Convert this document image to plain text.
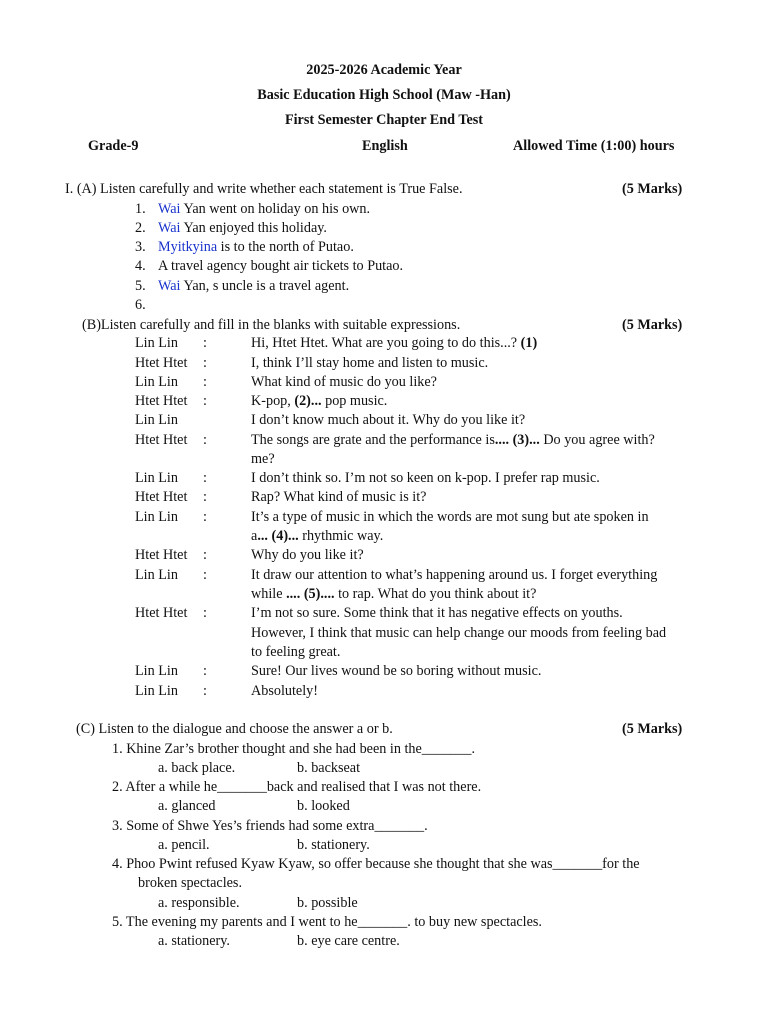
2025-2026 Academic Year
Basic Education High School (Maw -Han)
First Semester Chapter End Test
Grade-9	English	Allowed Time (1:00) hours
I. (A) Listen carefully and write whether each statement is True False.	(5 Marks)
1. Wai Yan went on holiday on his own.
2. Wai Yan enjoyed this holiday.
3. Myitkyina is to the north of Putao.
4. A travel agency bought air tickets to Putao.
5. Wai Yan, s uncle is a travel agent.
6.
(B)Listen carefully and fill in the blanks with suitable expressions.	(5 Marks)
Lin Lin :	Hi, Htet Htet. What are you going to do this...? (1)
Htet Htet :	I, think I’ll stay home and listen to music.
Lin Lin :	What kind of music do you like?
Htet Htet :	K-pop, (2)... pop music.
Lin Lin	I don’t know much about it. Why do you like it?
Htet Htet :	The songs are grate and the performance is.... (3)... Do you agree with?
me?
Lin Lin :	I don’t think so. I’m not so keen on k-pop. I prefer rap music.
Htet Htet :	Rap? What kind of music is it?
Lin Lin :	It’s a type of music in which the words are mot sung but ate spoken in
a... (4)... rhythmic way.
Htet Htet :	Why do you like it?
Lin Lin :	It draw our attention to what’s happening around us. I forget everything
while .... (5).... to rap. What do you think about it?
Htet Htet :	I’m not so sure. Some think that it has negative effects on youths.
However, I think that music can help change our moods from feeling bad
to feeling great.
Lin Lin :	Sure! Our lives wound be so boring without music.
Lin Lin :	Absolutely!
(C) Listen to the dialogue and choose the answer a or b.	(5 Marks)
1. Khine Zar’s brother thought and she had been in the_______.
a. back place.	b. backseat
2. After a while he_______back and realised that I was not there.
a. glanced	b. looked
3. Some of Shwe Yes’s friends had some extra_______.
a. pencil.	b. stationery.
4. Phoo Pwint refused Kyaw Kyaw, so offer because she thought that she was_______for the
broken spectacles.
a. responsible.	b. possible
5. The evening my parents and I went to he_______. to buy new spectacles.
a. stationery.	b. eye care centre.
